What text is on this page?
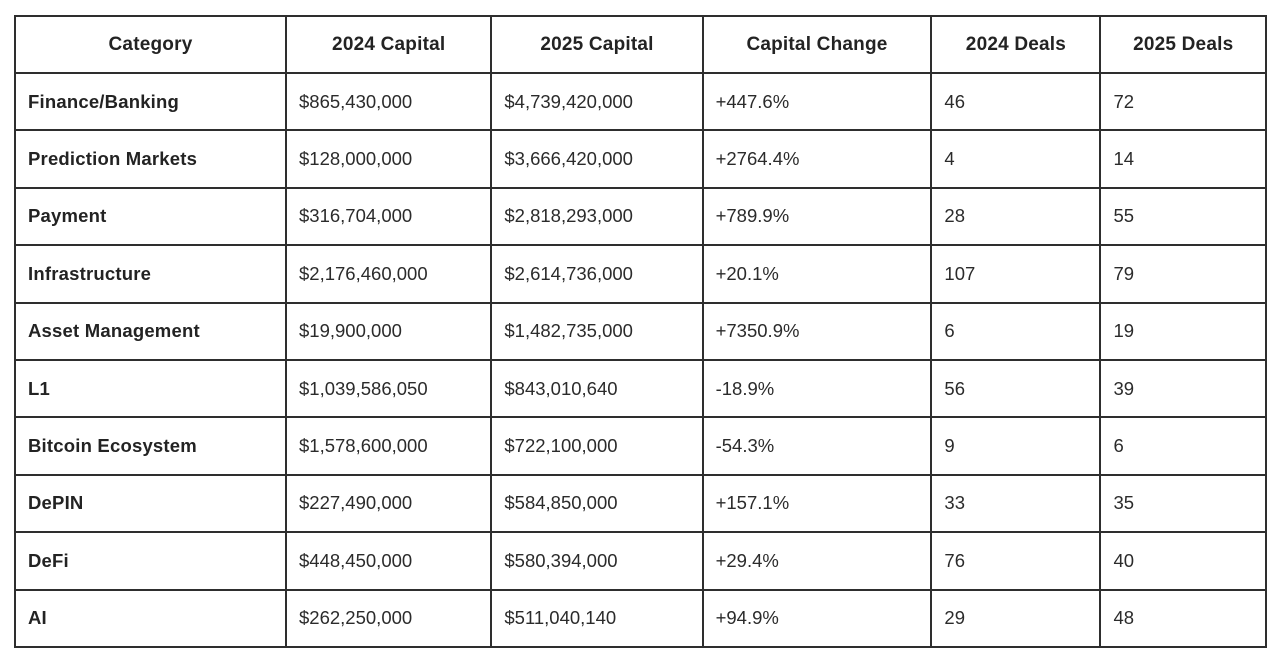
Category	2024 Capital	2025 Capital	Capital Change	2024 Deals	2025 Deals
Finance/Banking	$865,430,000	$4,739,420,000	+447.6%	46	72
Prediction Markets	$128,000,000	$3,666,420,000	+2764.4%	4	14
Payment	$316,704,000	$2,818,293,000	+789.9%	28	55
Infrastructure	$2,176,460,000	$2,614,736,000	+20.1%	107	79
Asset Management	$19,900,000	$1,482,735,000	+7350.9%	6	19
L1	$1,039,586,050	$843,010,640	-18.9%	56	39
Bitcoin Ecosystem	$1,578,600,000	$722,100,000	-54.3%	9	6
DePIN	$227,490,000	$584,850,000	+157.1%	33	35
DeFi	$448,450,000	$580,394,000	+29.4%	76	40
AI	$262,250,000	$511,040,140	+94.9%	29	48
